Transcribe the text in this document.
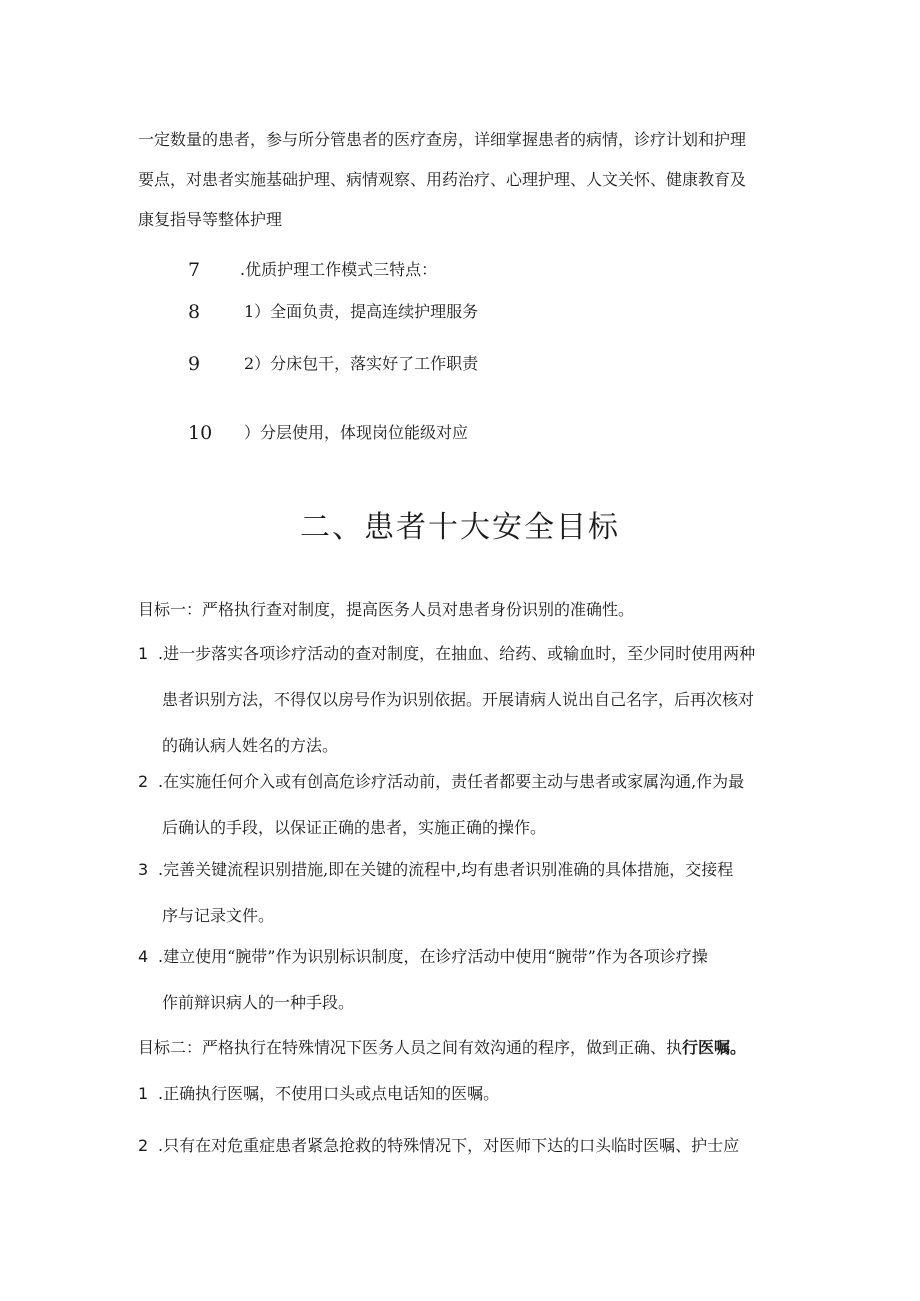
一定数量的患者，参与所分管患者的医疗查房，详细掌握患者的病情，诊疗计划和护理
要点，对患者实施基础护理、病情观察、用药治疗、心理护理、人文关怀、健康教育及
康复指导等整体护理
7 .优质护理工作模式三特点：
8	1）全面负责，提高连续护理服务
9	2）分床包干，落实好了工作职责
10 ）分层使用，体现岗位能级对应
二、患者十大安全目标
目标一：严格执行查对制度，提高医务人员对患者身份识别的准确性。
1 .进一步落实各项诊疗活动的查对制度，在抽血、给药、或输血时，至少同时使用两种
患者识别方法，不得仅以房号作为识别依据。开展请病人说出自己名字，后再次核对
的确认病人姓名的方法。
2 .在实施任何介入或有创高危诊疗活动前，责任者都要主动与患者或家属沟通,作为最
后确认的手段，以保证正确的患者，实施正确的操作。
3 .完善关键流程识别措施,即在关键的流程中,均有患者识别准确的具体措施，交接程
序与记录文件。
4 .建立使用“腕带”作为识别标识制度，在诊疗活动中使用“腕带”作为各项诊疗操
作前辩识病人的一种手段。
目标二：严格执行在特殊情况下医务人员之间有效沟通的程序，做到正确、执行医嘱。
1 .正确执行医嘱，不使用口头或点电话知的医嘱。
2 .只有在对危重症患者紧急抢救的特殊情况下，对医师下达的口头临时医嘱、护士应
